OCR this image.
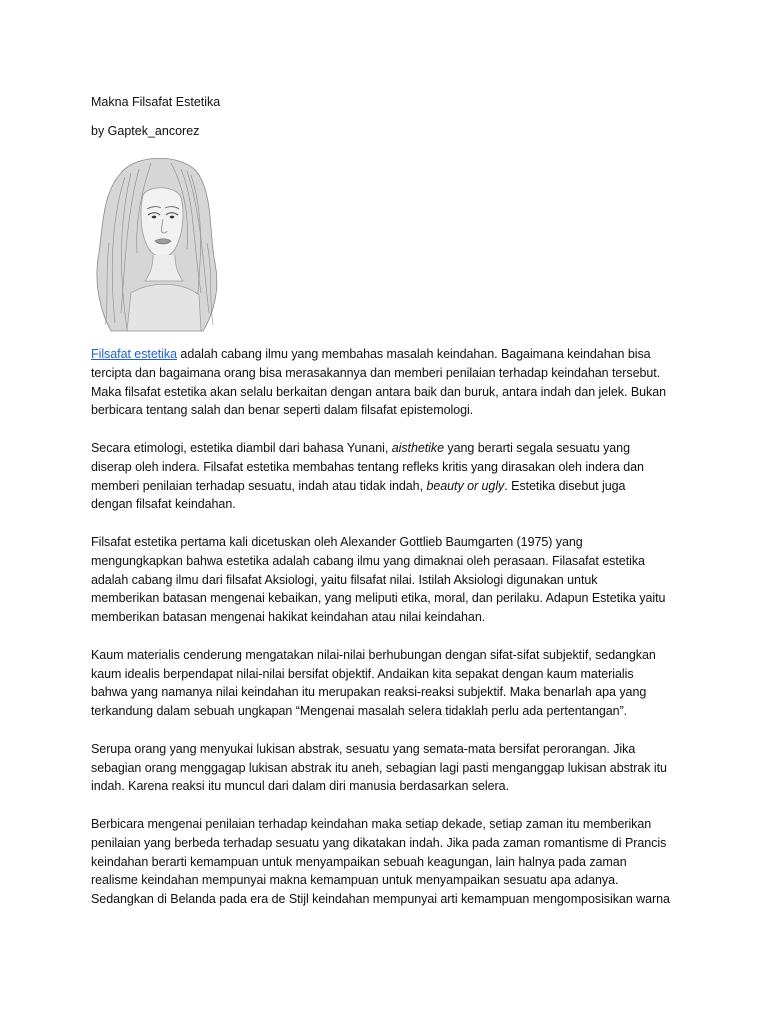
Makna Filsafat Estetika
by Gaptek_ancorez
Filsafat estetika adalah cabang ilmu yang membahas masalah keindahan. Bagaimana keindahan bisa
tercipta dan bagaimana orang bisa merasakannya dan memberi penilaian terhadap keindahan tersebut.
Maka filsafat estetika akan selalu berkaitan dengan antara baik dan buruk, antara indah dan jelek. Bukan
berbicara tentang salah dan benar seperti dalam filsafat epistemologi.
Secara etimologi, estetika diambil dari bahasa Yunani, aisthetike yang berarti segala sesuatu yang
diserap oleh indera. Filsafat estetika membahas tentang refleks kritis yang dirasakan oleh indera dan
memberi penilaian terhadap sesuatu, indah atau tidak indah, beauty or ugly. Estetika disebut juga
dengan filsafat keindahan.
Filsafat estetika pertama kali dicetuskan oleh Alexander Gottlieb Baumgarten (1975) yang
mengungkapkan bahwa estetika adalah cabang ilmu yang dimaknai oleh perasaan. Filasafat estetika
adalah cabang ilmu dari filsafat Aksiologi, yaitu filsafat nilai. Istilah Aksiologi digunakan untuk
memberikan batasan mengenai kebaikan, yang meliputi etika, moral, dan perilaku. Adapun Estetika yaitu
memberikan batasan mengenai hakikat keindahan atau nilai keindahan.
Kaum materialis cenderung mengatakan nilai-nilai berhubungan dengan sifat-sifat subjektif, sedangkan
kaum idealis berpendapat nilai-nilai bersifat objektif. Andaikan kita sepakat dengan kaum materialis
bahwa yang namanya nilai keindahan itu merupakan reaksi-reaksi subjektif. Maka benarlah apa yang
terkandung dalam sebuah ungkapan “Mengenai masalah selera tidaklah perlu ada pertentangan”.
Serupa orang yang menyukai lukisan abstrak, sesuatu yang semata-mata bersifat perorangan. Jika
sebagian orang menggagap lukisan abstrak itu aneh, sebagian lagi pasti menganggap lukisan abstrak itu
indah. Karena reaksi itu muncul dari dalam diri manusia berdasarkan selera.
Berbicara mengenai penilaian terhadap keindahan maka setiap dekade, setiap zaman itu memberikan
penilaian yang berbeda terhadap sesuatu yang dikatakan indah. Jika pada zaman romantisme di Prancis
keindahan berarti kemampuan untuk menyampaikan sebuah keagungan, lain halnya pada zaman
realisme keindahan mempunyai makna kemampuan untuk menyampaikan sesuatu apa adanya.
Sedangkan di Belanda pada era de Stijl keindahan mempunyai arti kemampuan mengomposisikan warna
